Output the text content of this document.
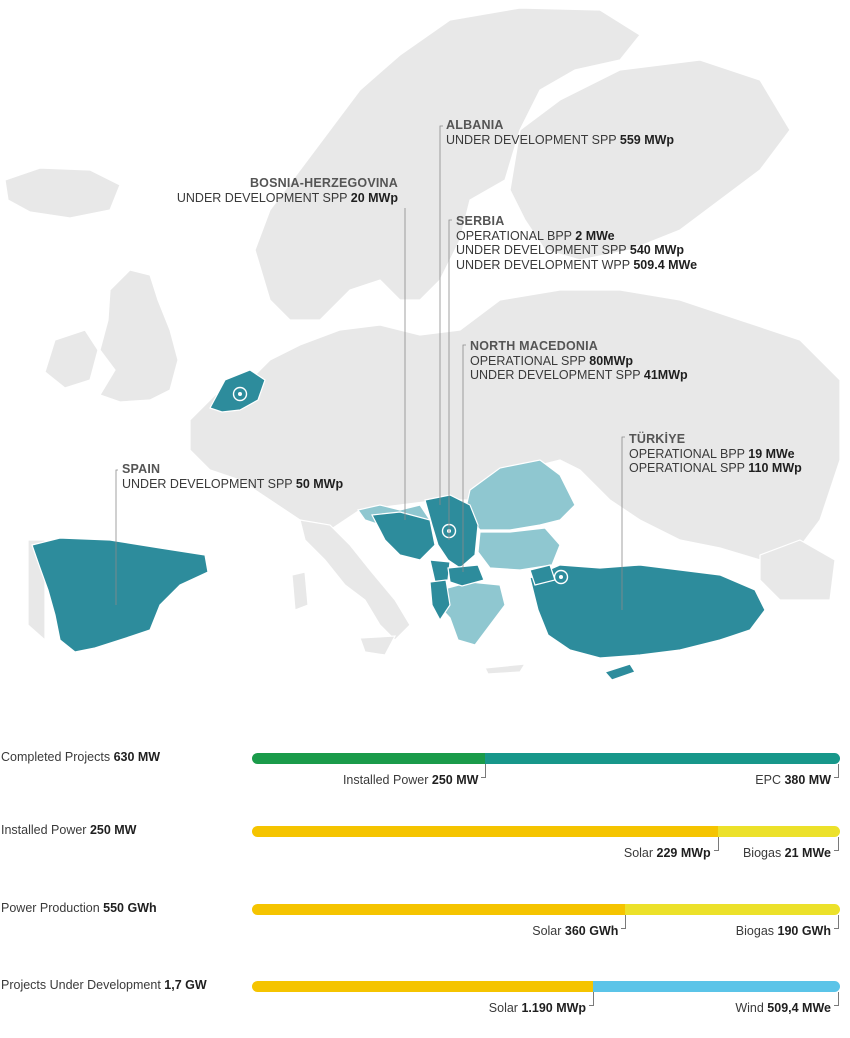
ALBANIA
UNDER DEVELOPMENT SPP 559 MWp
BOSNIA-HERZEGOVINA
UNDER DEVELOPMENT SPP 20 MWp
SERBIA
OPERATIONAL BPP 2 MWe
UNDER DEVELOPMENT SPP 540 MWp
UNDER DEVELOPMENT WPP 509.4 MWe
NORTH MACEDONIA
OPERATIONAL SPP 80MWp
UNDER DEVELOPMENT SPP 41MWp
TÜRKİYE
OPERATIONAL BPP 19 MWe
OPERATIONAL SPP 110 MWp
SPAIN
UNDER DEVELOPMENT SPP 50 MWp
Completed Projects 630 MW
Installed Power 250 MW	EPC 380 MW
Installed Power 250 MW
Solar 229 MWp	Biogas 21 MWe
Power Production 550 GWh
Solar 360 GWh	Biogas 190 GWh
Projects Under Development 1,7 GW
Solar 1.190 MWp	Wind 509,4 MWe
